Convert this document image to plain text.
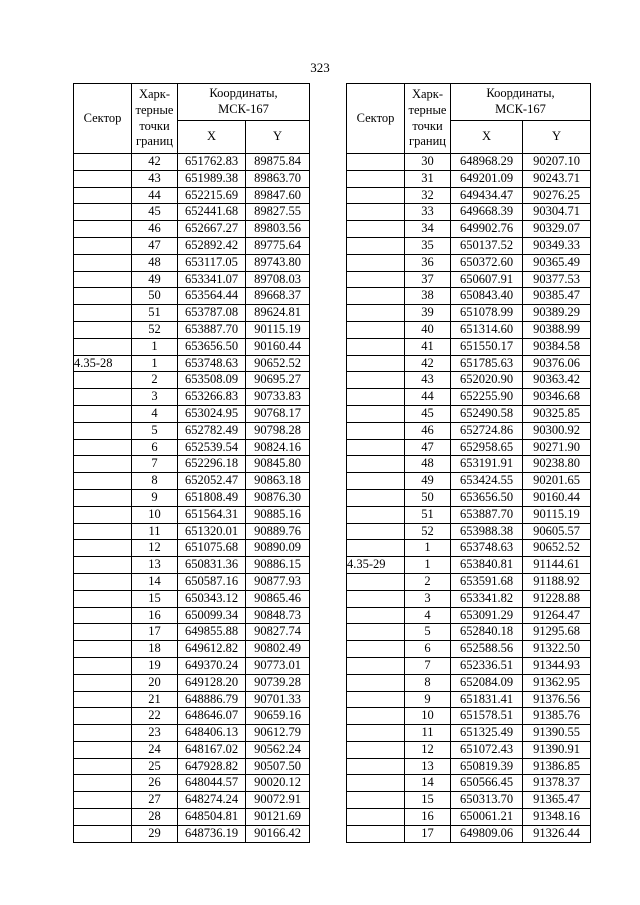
323
Сектор	Харк-
терные
точки
границ	Координаты,
МСК-167	
		X	Y
	42	651762.83	89875.84
	43	651989.38	89863.70
	44	652215.69	89847.60
	45	652441.68	89827.55
	46	652667.27	89803.56
	47	652892.42	89775.64
	48	653117.05	89743.80
	49	653341.07	89708.03
	50	653564.44	89668.37
	51	653787.08	89624.81
	52	653887.70	90115.19
	1	653656.50	90160.44
4.35-28	1	653748.63	90652.52
	2	653508.09	90695.27
	3	653266.83	90733.83
	4	653024.95	90768.17
	5	652782.49	90798.28
	6	652539.54	90824.16
	7	652296.18	90845.80
	8	652052.47	90863.18
	9	651808.49	90876.30
	10	651564.31	90885.16
	11	651320.01	90889.76
	12	651075.68	90890.09
	13	650831.36	90886.15
	14	650587.16	90877.93
	15	650343.12	90865.46
	16	650099.34	90848.73
	17	649855.88	90827.74
	18	649612.82	90802.49
	19	649370.24	90773.01
	20	649128.20	90739.28
	21	648886.79	90701.33
	22	648646.07	90659.16
	23	648406.13	90612.79
	24	648167.02	90562.24
	25	647928.82	90507.50
	26	648044.57	90020.12
	27	648274.24	90072.91
	28	648504.81	90121.69
	29	648736.19	90166.42
Сектор	Харк-
терные
точки
границ	Координаты,
МСК-167	
		X	Y
	30	648968.29	90207.10
	31	649201.09	90243.71
	32	649434.47	90276.25
	33	649668.39	90304.71
	34	649902.76	90329.07
	35	650137.52	90349.33
	36	650372.60	90365.49
	37	650607.91	90377.53
	38	650843.40	90385.47
	39	651078.99	90389.29
	40	651314.60	90388.99
	41	651550.17	90384.58
	42	651785.63	90376.06
	43	652020.90	90363.42
	44	652255.90	90346.68
	45	652490.58	90325.85
	46	652724.86	90300.92
	47	652958.65	90271.90
	48	653191.91	90238.80
	49	653424.55	90201.65
	50	653656.50	90160.44
	51	653887.70	90115.19
	52	653988.38	90605.57
	1	653748.63	90652.52
4.35-29	1	653840.81	91144.61
	2	653591.68	91188.92
	3	653341.82	91228.88
	4	653091.29	91264.47
	5	652840.18	91295.68
	6	652588.56	91322.50
	7	652336.51	91344.93
	8	652084.09	91362.95
	9	651831.41	91376.56
	10	651578.51	91385.76
	11	651325.49	91390.55
	12	651072.43	91390.91
	13	650819.39	91386.85
	14	650566.45	91378.37
	15	650313.70	91365.47
	16	650061.21	91348.16
	17	649809.06	91326.44
